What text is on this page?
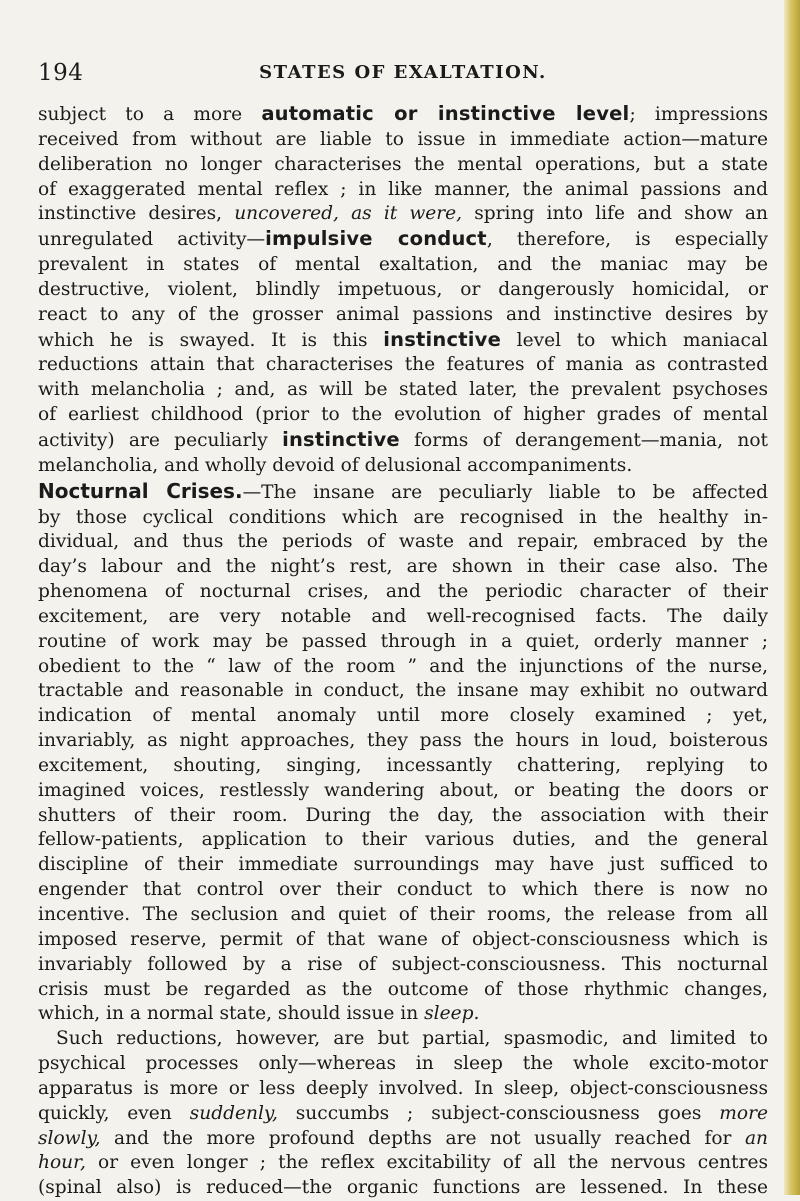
194	STATES OF EXALTATION.
subject to a more automatic or instinctive level; impressions
received from without are liable to issue in immediate action—mature
deliberation no longer characterises the mental operations, but a state
of exaggerated mental reflex ; in like manner, the animal passions and
instinctive desires, uncovered, as it were, spring into life and show an
unregulated activity—impulsive conduct, therefore, is especially
prevalent in states of mental exaltation, and the maniac may be
destructive, violent, blindly impetuous, or dangerously homicidal, or
react to any of the grosser animal passions and instinctive desires by
which he is swayed. It is this instinctive level to which maniacal
reductions attain that characterises the features of mania as contrasted
with melancholia ; and, as will be stated later, the prevalent psychoses
of earliest childhood (prior to the evolution of higher grades of mental
activity) are peculiarly instinctive forms of derangement—mania, not
melancholia, and wholly devoid of delusional accompaniments.
Nocturnal Crises.—The insane are peculiarly liable to be affected
by those cyclical conditions which are recognised in the healthy in-
dividual, and thus the periods of waste and repair, embraced by the
day’s labour and the night’s rest, are shown in their case also. The
phenomena of nocturnal crises, and the periodic character of their
excitement, are very notable and well-recognised facts. The daily
routine of work may be passed through in a quiet, orderly manner ;
obedient to the “ law of the room ” and the injunctions of the nurse,
tractable and reasonable in conduct, the insane may exhibit no outward
indication of mental anomaly until more closely examined ; yet,
invariably, as night approaches, they pass the hours in loud, boisterous
excitement, shouting, singing, incessantly chattering, replying to
imagined voices, restlessly wandering about, or beating the doors or
shutters of their room. During the day, the association with their
fellow-patients, application to their various duties, and the general
discipline of their immediate surroundings may have just sufficed to
engender that control over their conduct to which there is now no
incentive. The seclusion and quiet of their rooms, the release from all
imposed reserve, permit of that wane of object-consciousness which is
invariably followed by a rise of subject-consciousness. This nocturnal
crisis must be regarded as the outcome of those rhythmic changes,
which, in a normal state, should issue in sleep.
Such reductions, however, are but partial, spasmodic, and limited to
psychical processes only—whereas in sleep the whole excito-motor
apparatus is more or less deeply involved. In sleep, object-consciousness
quickly, even suddenly, succumbs ; subject-consciousness goes more
slowly, and the more profound depths are not usually reached for an
hour, or even longer ; the reflex excitability of all the nervous centres
(spinal also) is reduced—the organic functions are lessened. In these
